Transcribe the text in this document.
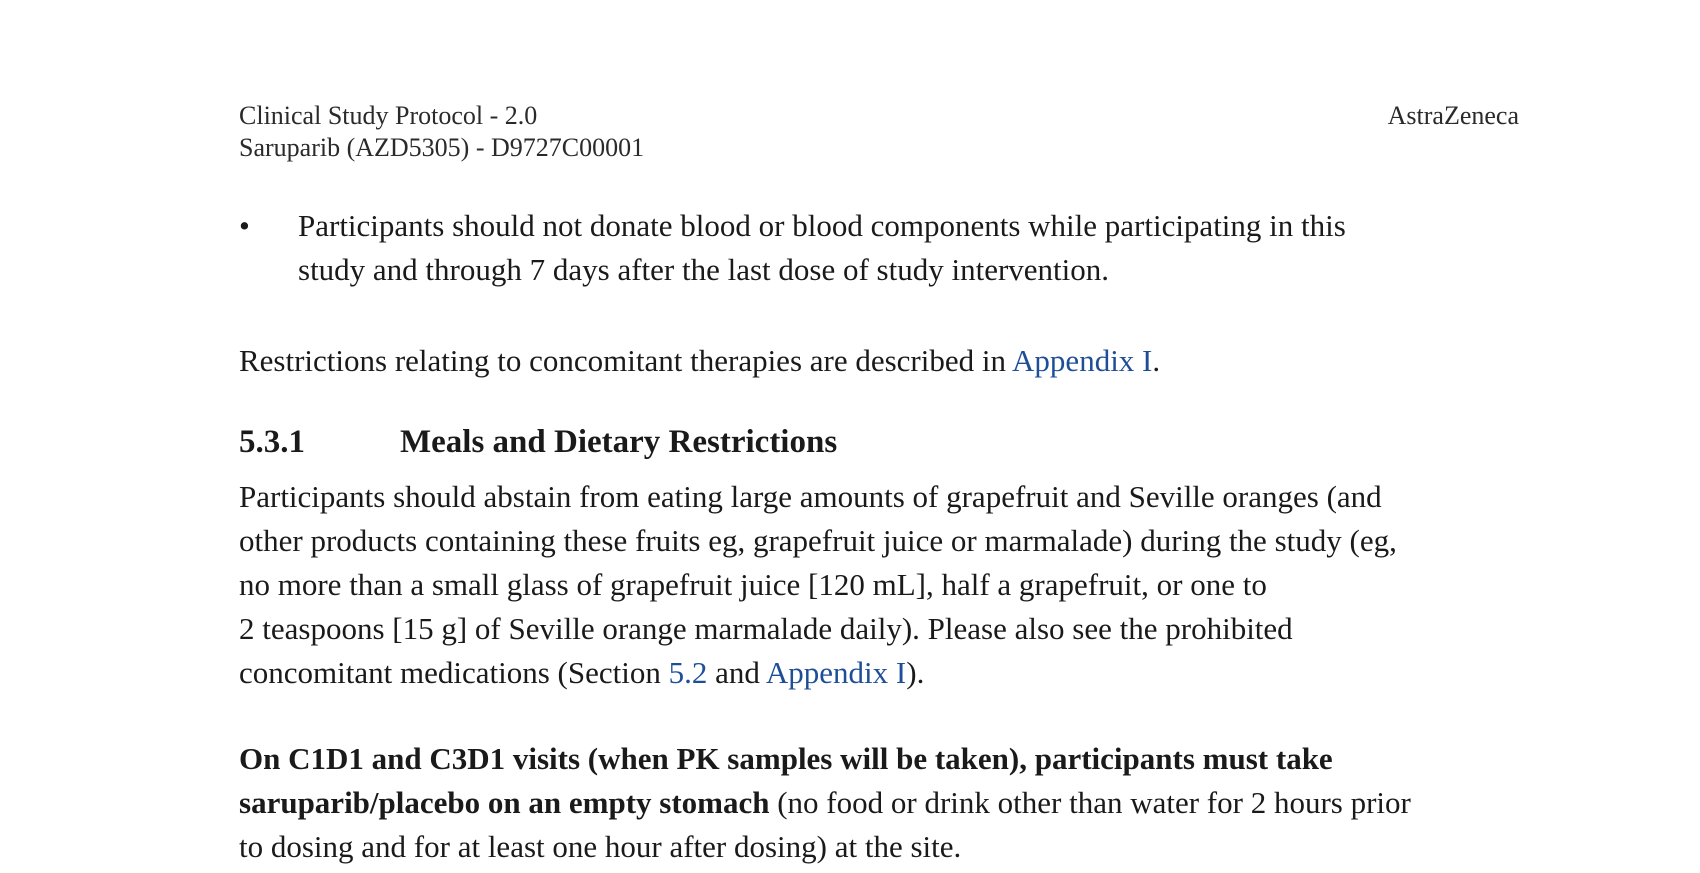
Clinical Study Protocol - 2.0
Saruparib (AZD5305) - D9727C00001
AstraZeneca
• Participants should not donate blood or blood components while participating in this
study and through 7 days after the last dose of study intervention.
Restrictions relating to concomitant therapies are described in Appendix I.
5.3.1	Meals and Dietary Restrictions
Participants should abstain from eating large amounts of grapefruit and Seville oranges (and
other products containing these fruits eg, grapefruit juice or marmalade) during the study (eg,
no more than a small glass of grapefruit juice [120 mL], half a grapefruit, or one to
2 teaspoons [15 g] of Seville orange marmalade daily). Please also see the prohibited
concomitant medications (Section 5.2 and Appendix I).
On C1D1 and C3D1 visits (when PK samples will be taken), participants must take
saruparib/placebo on an empty stomach (no food or drink other than water for 2 hours prior
to dosing and for at least one hour after dosing) at the site.
